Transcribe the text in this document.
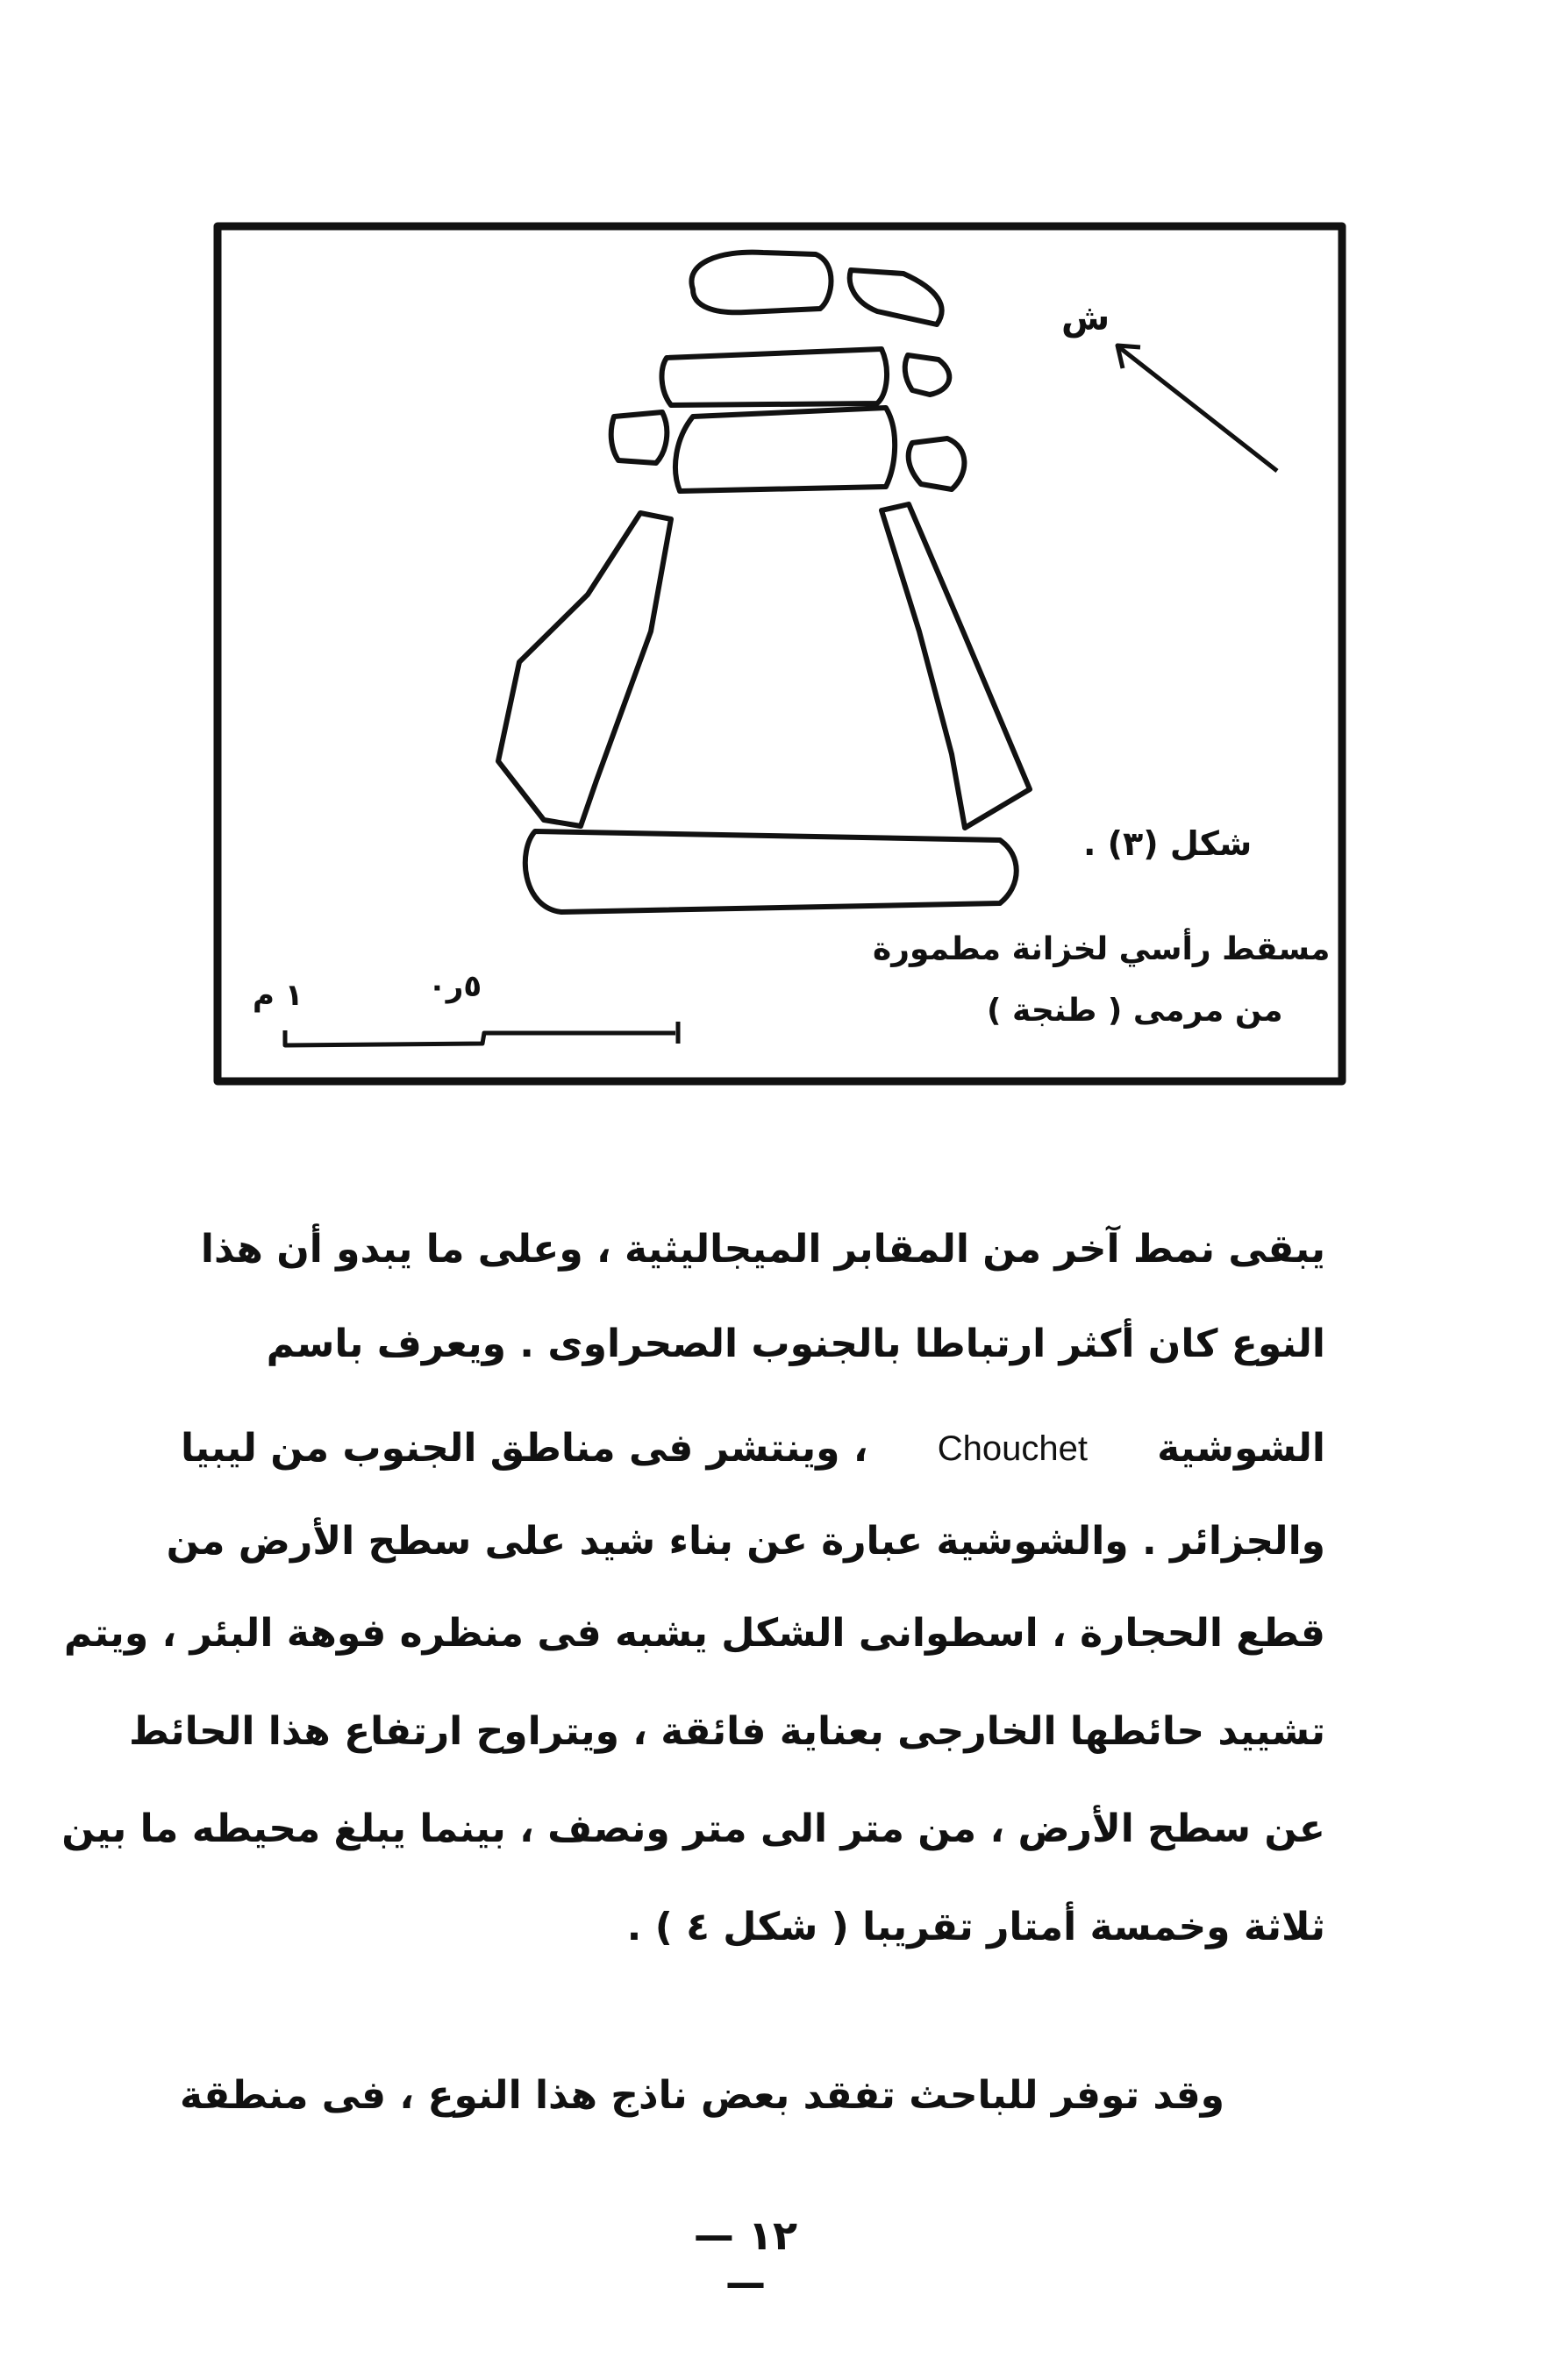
ش
شكل (٣) .
مسقط رأسي لخزانة مطمورة
من مرمى ( طنجة )
١ م	٥ر٠
يبقى نمط آخر من المقابر الميجاليثية ، وعلى ما يبدو أن هذا
النوع كان أكثر ارتباطا بالجنوب الصحراوى . ويعرف باسم
الشوشية
Chouchet
، وينتشر فى مناطق الجنوب من ليبيا
والجزائر . والشوشية عبارة عن بناء شيد على سطح الأرض من
قطع الحجارة ، اسطوانى الشكل يشبه فى منظره فوهة البئر ، ويتم
تشييد حائطها الخارجى بعناية فائقة ، ويتراوح ارتفاع هذا الحائط
عن سطح الأرض ، من متر الى متر ونصف ، بينما يبلغ محيطه ما بين
ثلاثة وخمسة أمتار تقريبا ( شكل ٤ ) .
وقد توفر للباحث تفقد بعض ناذج هذا النوع ، فى منطقة
— ١٢ —
